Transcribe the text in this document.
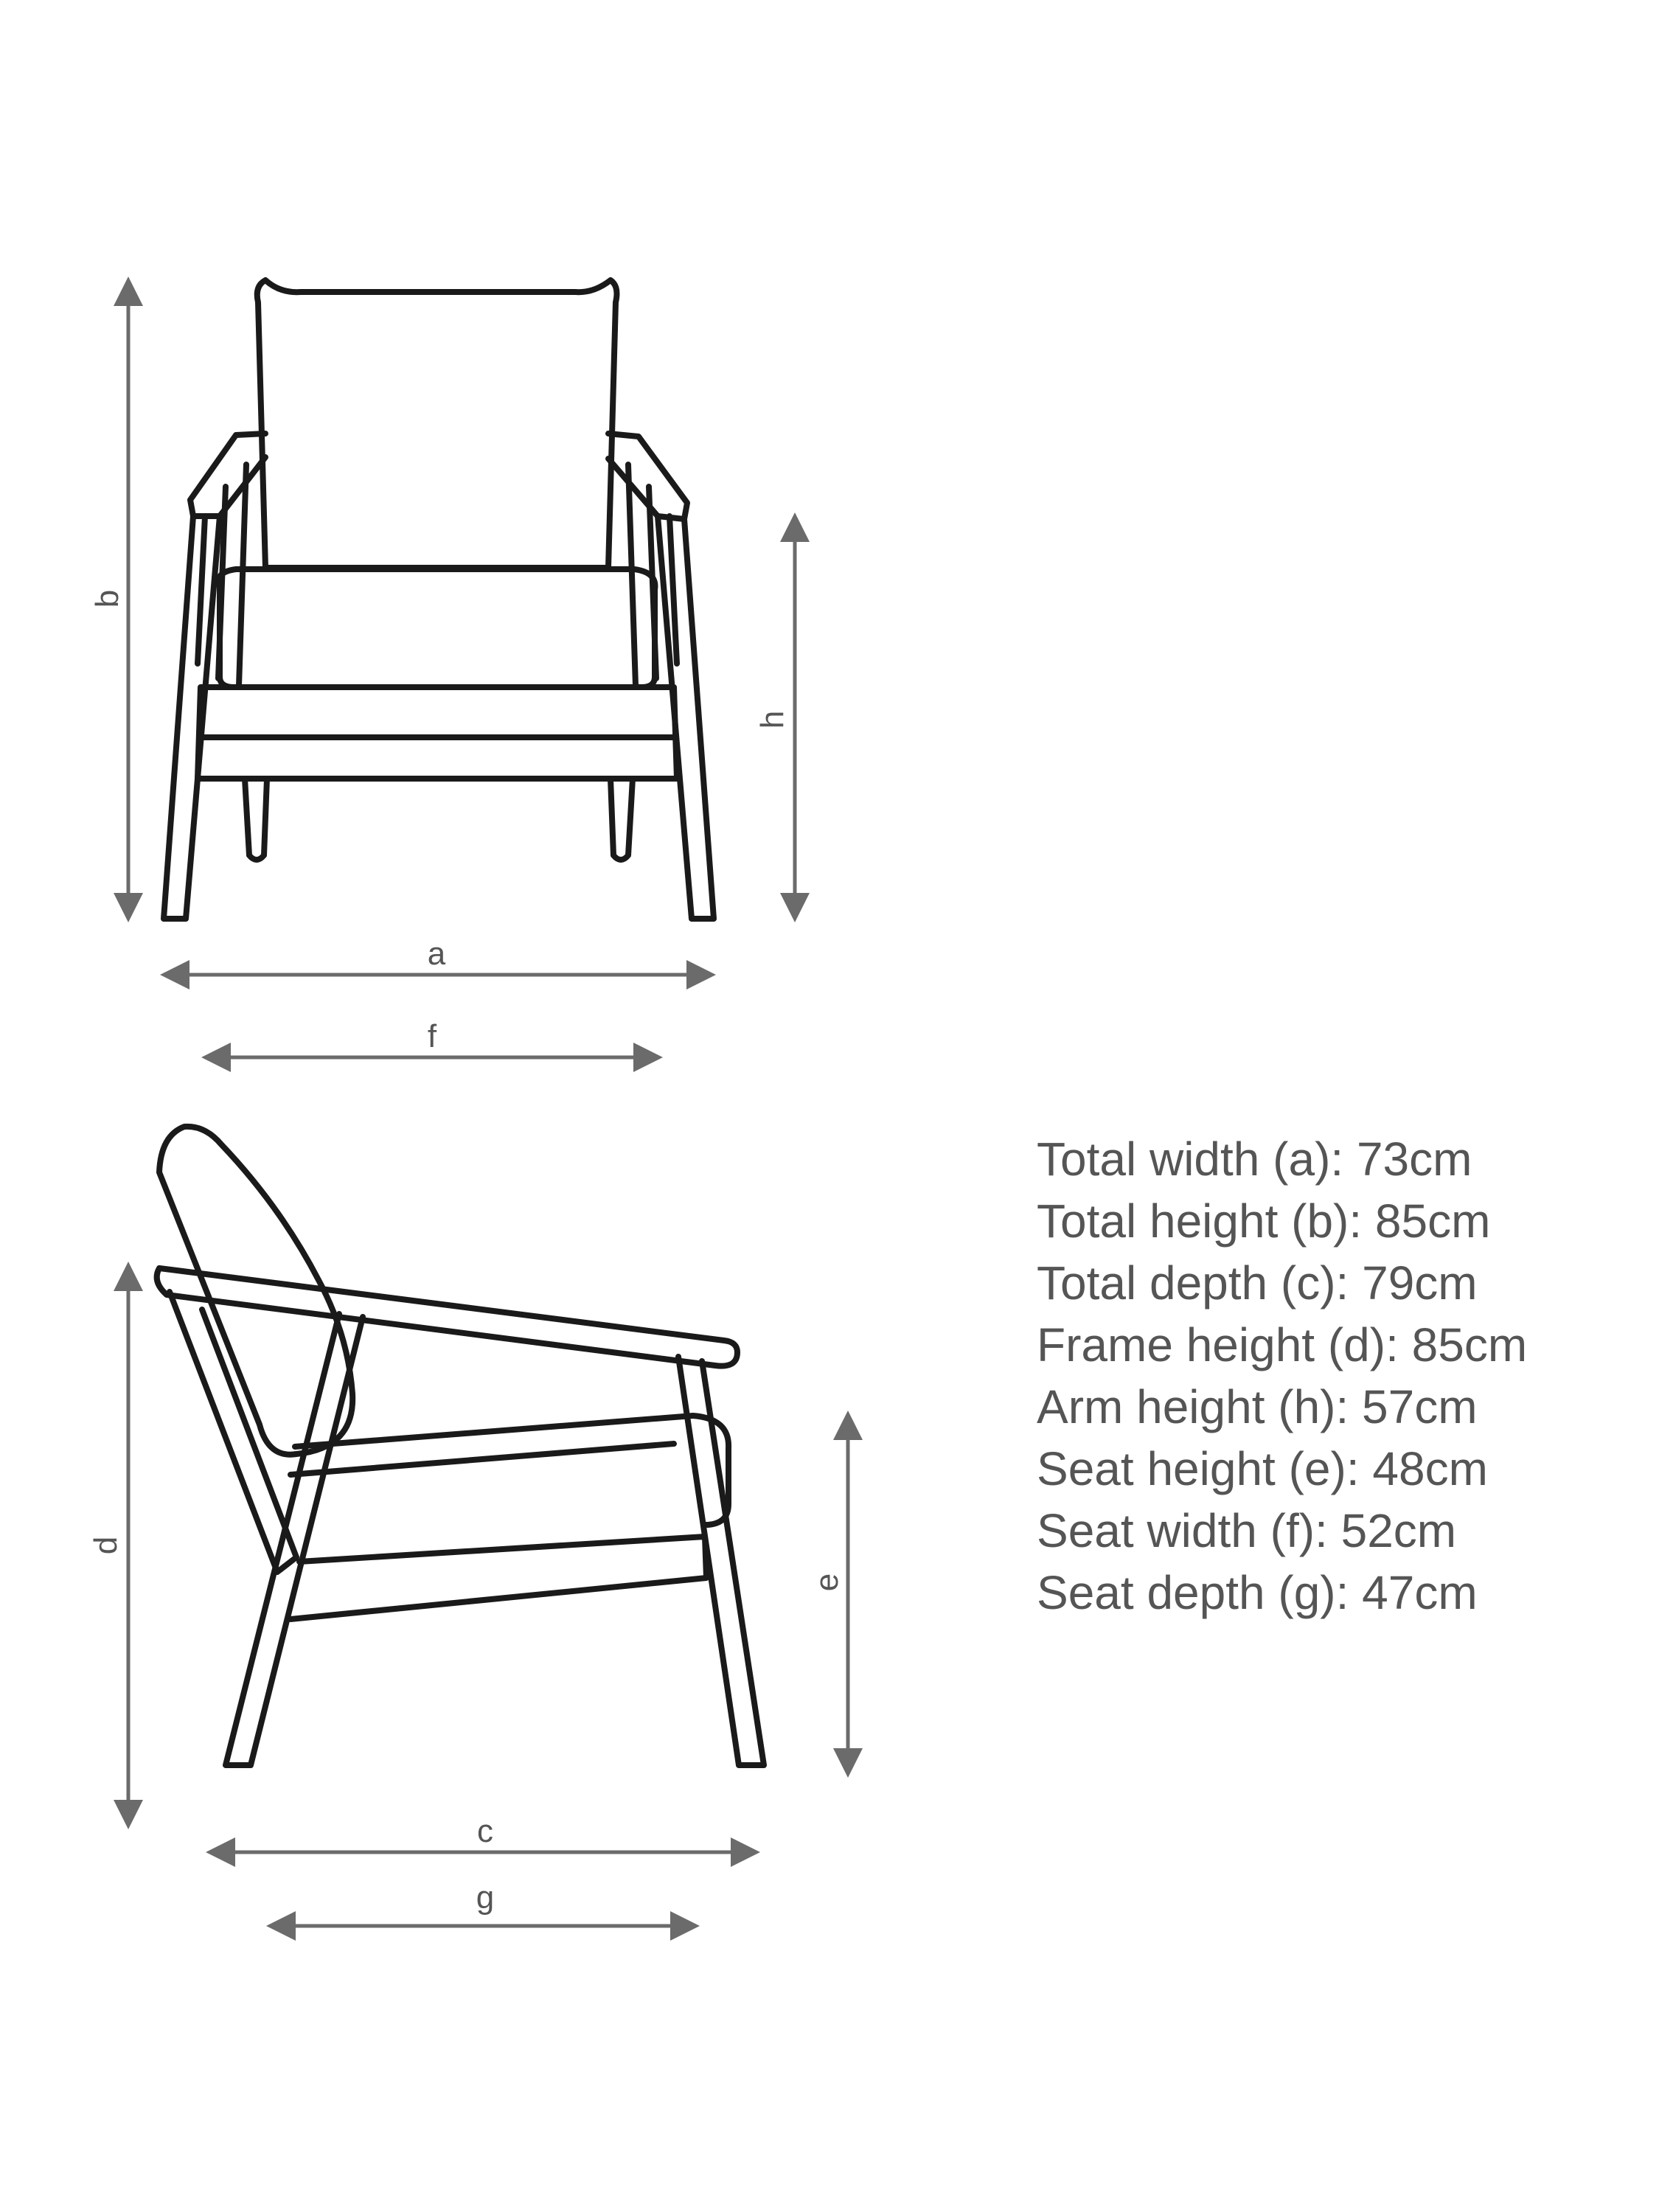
b
h
a
f
d
e
c
g
Total width (a): 73cm
Total height (b): 85cm
Total depth (c): 79cm
Frame height (d): 85cm
Arm height (h): 57cm
Seat height (e): 48cm
Seat width (f): 52cm
Seat depth (g): 47cm
